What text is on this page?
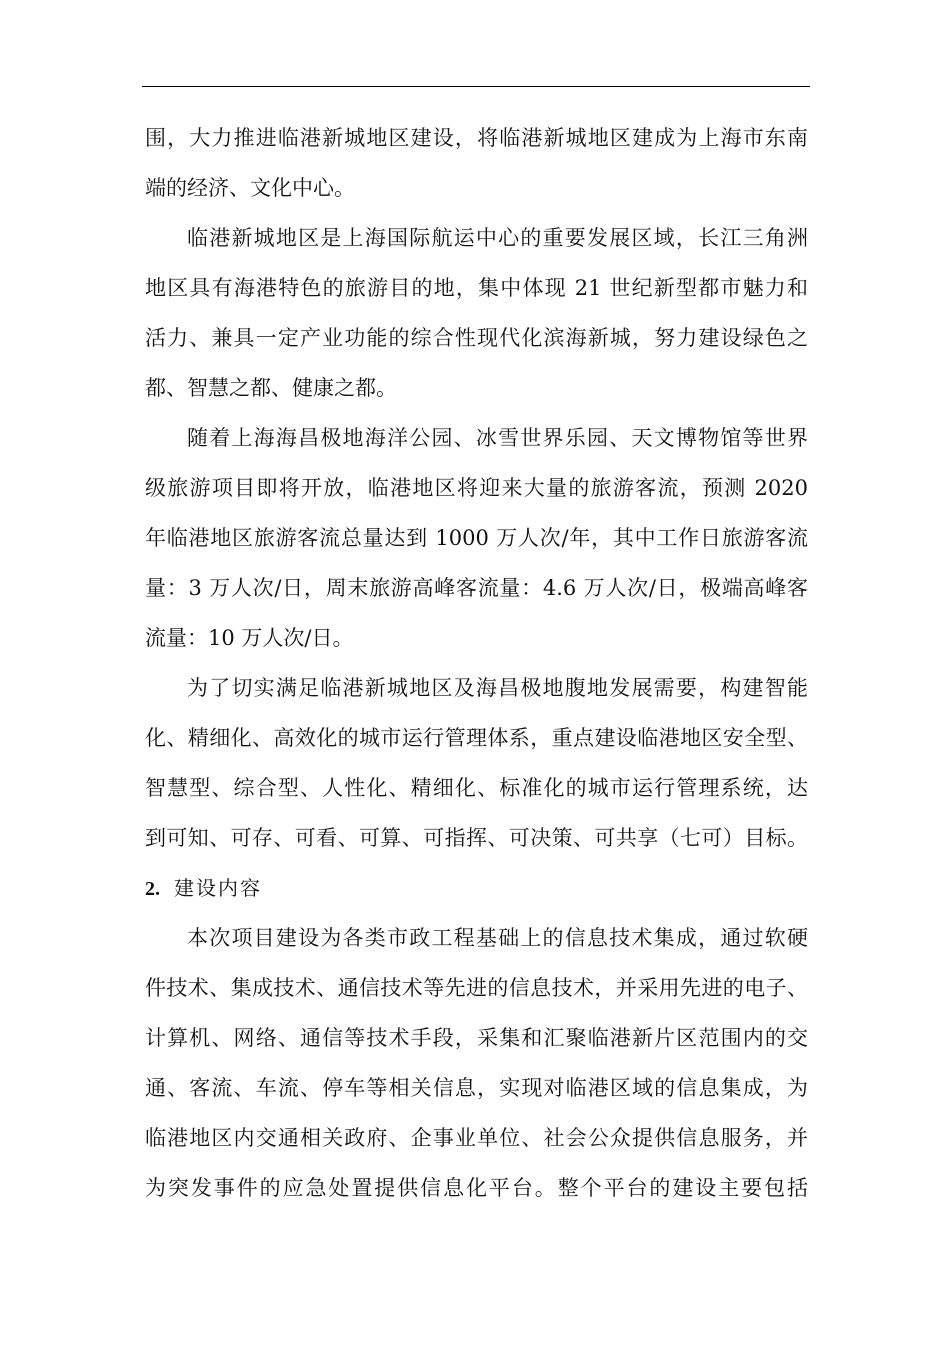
围，大力推进临港新城地区建设，将临港新城地区建成为上海市东南
端的经济、文化中心。
临港新城地区是上海国际航运中心的重要发展区域，长江三角洲
地区具有海港特色的旅游目的地，集中体现 21 世纪新型都市魅力和
活力、兼具一定产业功能的综合性现代化滨海新城，努力建设绿色之
都、智慧之都、健康之都。
随着上海海昌极地海洋公园、冰雪世界乐园、天文博物馆等世界
级旅游项目即将开放，临港地区将迎来大量的旅游客流，预测 2020
年临港地区旅游客流总量达到 1000 万人次/年，其中工作日旅游客流
量：3 万人次/日，周末旅游高峰客流量：4.6 万人次/日，极端高峰客
流量：10 万人次/日。
为了切实满足临港新城地区及海昌极地腹地发展需要，构建智能
化、精细化、高效化的城市运行管理体系，重点建设临港地区安全型、
智慧型、综合型、人性化、精细化、标准化的城市运行管理系统，达
到可知、可存、可看、可算、可指挥、可决策、可共享（七可）目标。
2. 建设内容
本次项目建设为各类市政工程基础上的信息技术集成，通过软硬
件技术、集成技术、通信技术等先进的信息技术，并采用先进的电子、
计算机、网络、通信等技术手段，采集和汇聚临港新片区范围内的交
通、客流、车流、停车等相关信息，实现对临港区域的信息集成，为
临港地区内交通相关政府、企事业单位、社会公众提供信息服务，并
为突发事件的应急处置提供信息化平台。整个平台的建设主要包括
